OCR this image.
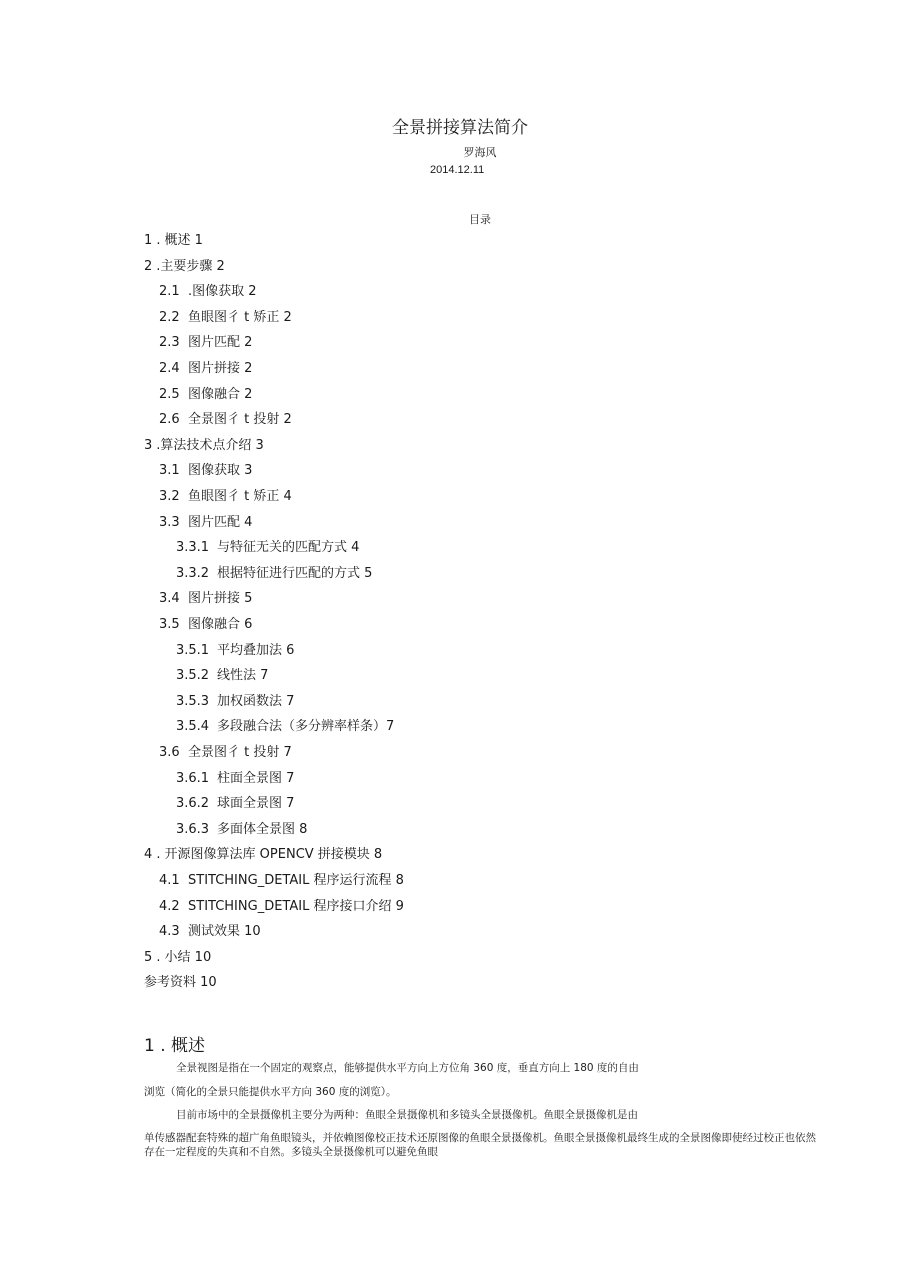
全景拼接算法简介
罗海风
2014.12.11
目录
1 . 概述 1
2 .主要步骤 2
2.1 .图像获取 2
2.2 鱼眼图彳 t 矫正 2
2.3 图片匹配 2
2.4 图片拼接 2
2.5 图像融合 2
2.6 全景图彳 t 投射 2
3 .算法技术点介绍 3
3.1 图像获取 3
3.2 鱼眼图彳 t 矫正 4
3.3 图片匹配 4
3.3.1 与特征无关的匹配方式 4
3.3.2 根据特征进行匹配的方式 5
3.4 图片拼接 5
3.5 图像融合 6
3.5.1 平均叠加法 6
3.5.2 线性法 7
3.5.3 加权函数法 7
3.5.4 多段融合法（多分辨率样条）7
3.6 全景图彳 t 投射 7
3.6.1 柱面全景图 7
3.6.2 球面全景图 7
3.6.3 多面体全景图 8
4 . 开源图像算法库 OPENCV 拼接模块 8
4.1 STITCHING_DETAIL 程序运行流程 8
4.2 STITCHING_DETAIL 程序接口介绍 9
4.3 测试效果 10
5 . 小结 10
参考资料 10
1 . 概述
全景视图是指在一个固定的观察点，能够提供水平方向上方位角 360 度，垂直方向上 180 度的自由
浏览（简化的全景只能提供水平方向 360 度的浏览）。
目前市场中的全景摄像机主要分为两种：鱼眼全景摄像机和多镜头全景摄像机。鱼眼全景摄像机是由
单传感器配套特殊的超广角鱼眼镜头，并依赖图像校正技术还原图像的鱼眼全景摄像机。鱼眼全景摄像机最终生成的全景图像即使经过校正也依然存在一定程度的失真和不自然。多镜头全景摄像机可以避免鱼眼
